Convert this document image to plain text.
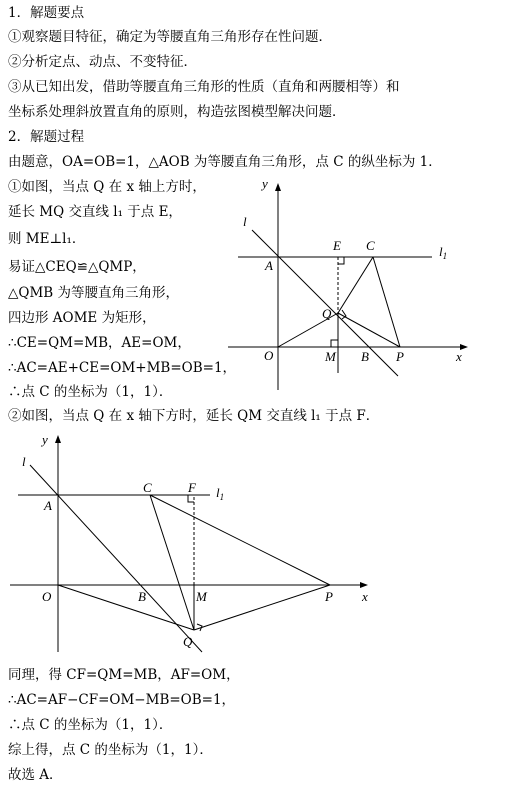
1．解题要点
①观察题目特征，确定为等腰直角三角形存在性问题．
②分析定点、动点、不变特征．
③从已知出发，借助等腰直角三角形的性质（直角和两腰相等）和
坐标系处理斜放置直角的原则，构造弦图模型解决问题．
2．解题过程
由题意，OA=OB=1，△AOB 为等腰直角三角形，点 C 的纵坐标为 1．
①如图，当点 Q 在 x 轴上方时，
延长 MQ 交直线 l₁ 于点 E，
则 ME⊥l₁．
易证△CEQ≌△QMP，
△QMB 为等腰直角三角形，
四边形 AOME 为矩形，
∴CE=QM=MB，AE=OM，
∴AC=AE+CE=OM+MB=OB=1，
∴点 C 的坐标为（1，1）．
②如图，当点 Q 在 x 轴下方时，延长 QM 交直线 l₁ 于点 F．
同理，得 CF=QM=MB，AF=OM，
∴AC=AF−CF=OM−MB=OB=1，
∴点 C 的坐标为（1，1）．
综上得，点 C 的坐标为（1，1）．
故选 A．
y
l
$l_1$
E C
A
Q
O	M B P	x
y
l
$l_1$
C	F
A
O	B	M	P x
Q
